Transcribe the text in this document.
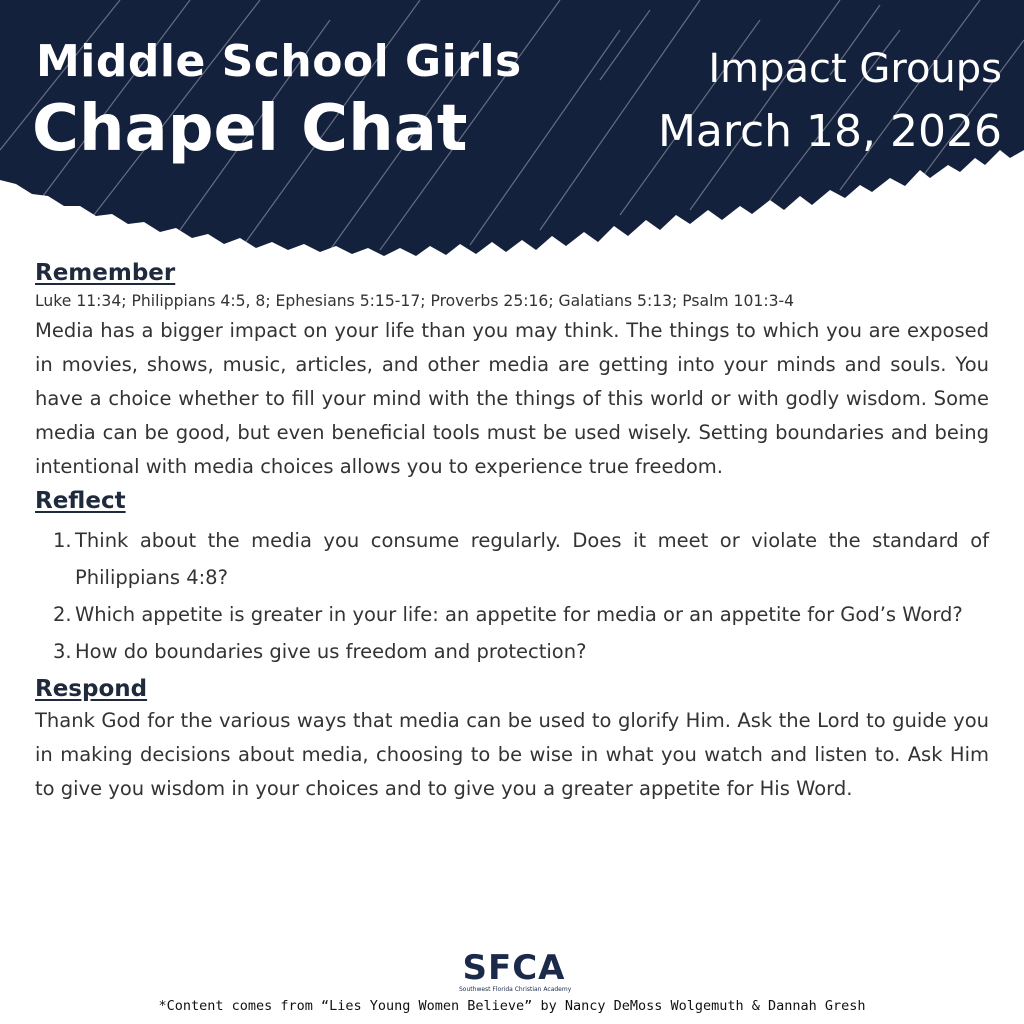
Middle School Girls
Chapel Chat
Impact Groups
March 18, 2026
Remember
Luke 11:34; Philippians 4:5, 8; Ephesians 5:15-17; Proverbs 25:16; Galatians 5:13; Psalm 101:3-4

Media has a bigger impact on your life than you may think. The things to which you are exposed in movies, shows, music, articles, and other media are getting into your minds and souls. You have a choice whether to fill your mind with the things of this world or with godly wisdom. Some media can be good, but even beneficial tools must be used wisely. Setting boundaries and being intentional with media choices allows you to experience true freedom.

Reflect
1. Think about the media you consume regularly. Does it meet or violate the standard of Philippians 4:8?
2. Which appetite is greater in your life: an appetite for media or an appetite for God’s Word?
3. How do boundaries give us freedom and protection?
Respond

Thank God for the various ways that media can be used to glorify Him. Ask the Lord to guide you in making decisions about media, choosing to be wise in what you watch and listen to. Ask Him to give you wisdom in your choices and to give you a greater appetite for His Word.

SFCA
Southwest Florida Christian Academy
*Content comes from “Lies Young Women Believe” by Nancy DeMoss Wolgemuth & Dannah Gresh
